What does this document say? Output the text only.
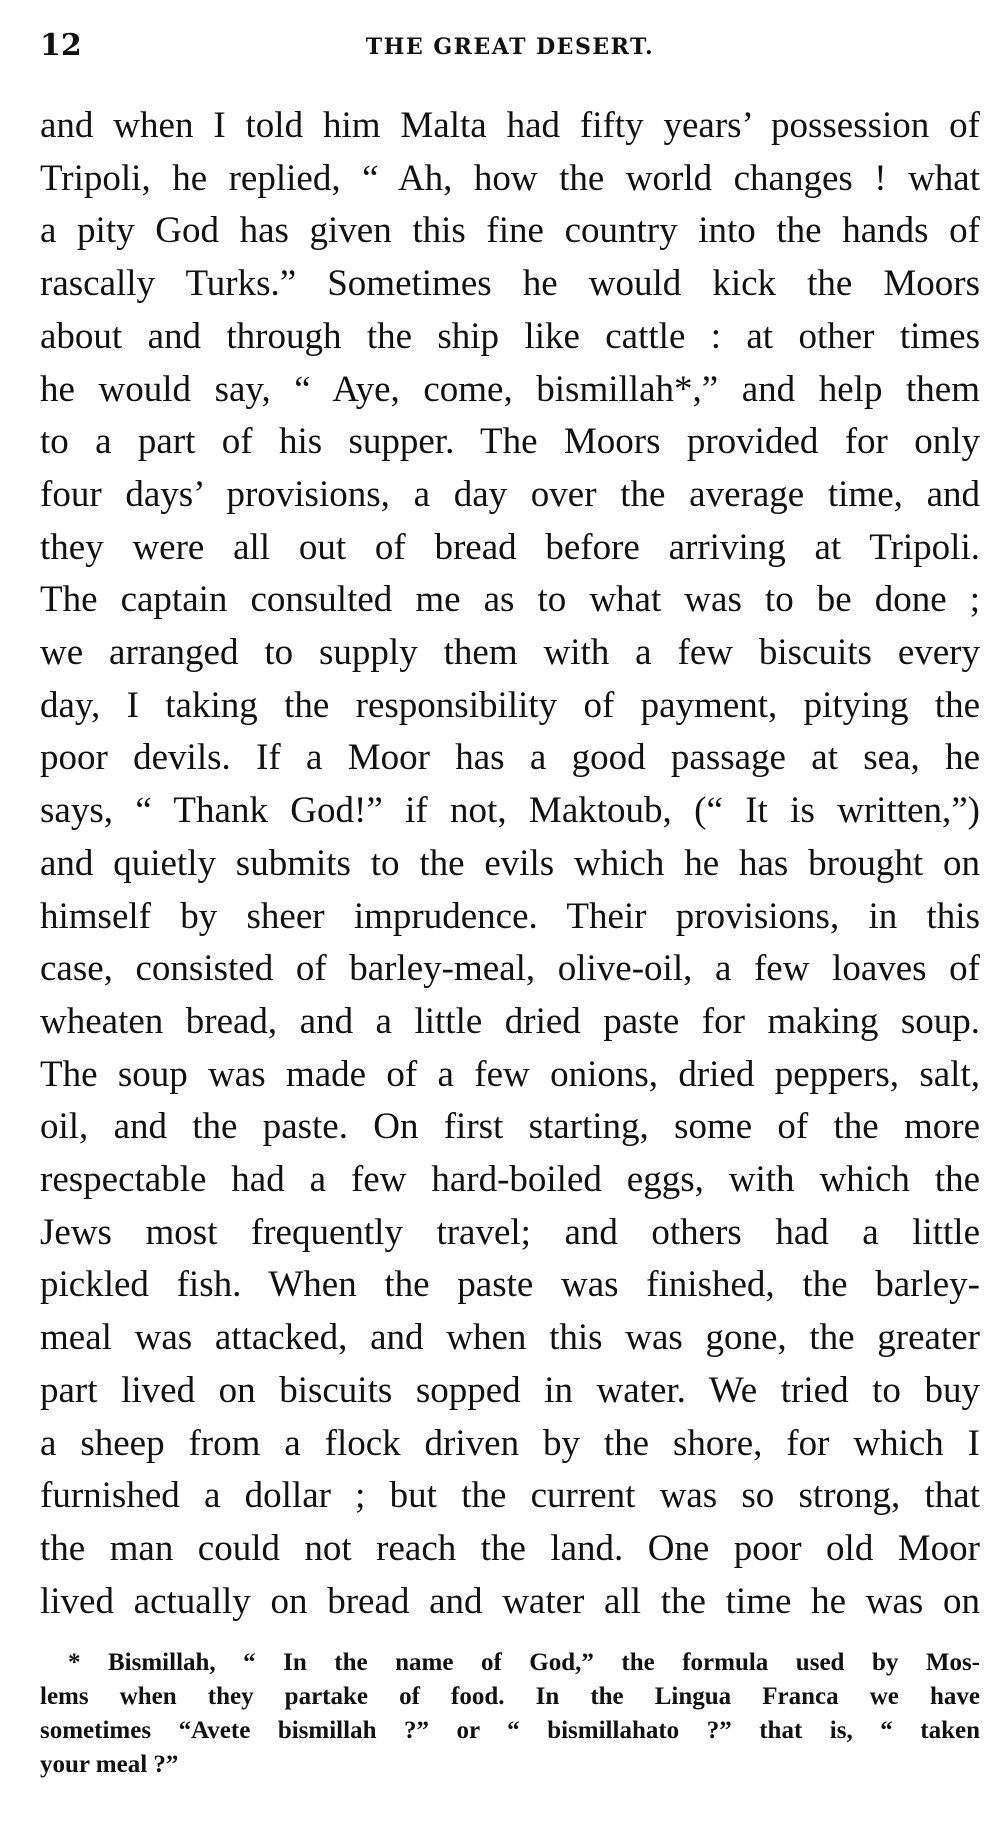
12	THE GREAT DESERT.
and when I told him Malta had fifty years’ possession of
Tripoli, he replied, “ Ah, how the world changes ! what
a pity God has given this fine country into the hands of
rascally Turks.” Sometimes he would kick the Moors
about and through the ship like cattle : at other times
he would say, “ Aye, come, bismillah*,” and help them
to a part of his supper. The Moors provided for only
four days’ provisions, a day over the average time, and
they were all out of bread before arriving at Tripoli.
The captain consulted me as to what was to be done ;
we arranged to supply them with a few biscuits every
day, I taking the responsibility of payment, pitying the
poor devils. If a Moor has a good passage at sea, he
says, “ Thank God!” if not, Maktoub, (“ It is written,”)
and quietly submits to the evils which he has brought on
himself by sheer imprudence. Their provisions, in this
case, consisted of barley-meal, olive-oil, a few loaves of
wheaten bread, and a little dried paste for making soup.
The soup was made of a few onions, dried peppers, salt,
oil, and the paste. On first starting, some of the more
respectable had a few hard-boiled eggs, with which the
Jews most frequently travel; and others had a little
pickled fish. When the paste was finished, the barley-
meal was attacked, and when this was gone, the greater
part lived on biscuits sopped in water. We tried to buy
a sheep from a flock driven by the shore, for which I
furnished a dollar ; but the current was so strong, that
the man could not reach the land. One poor old Moor
lived actually on bread and water all the time he was on
* Bismillah, “ In the name of God,” the formula used by Mos-
lems when they partake of food. In the Lingua Franca we have
sometimes “Avete bismillah ?” or “ bismillahato ?” that is, “ taken
your meal ?”
